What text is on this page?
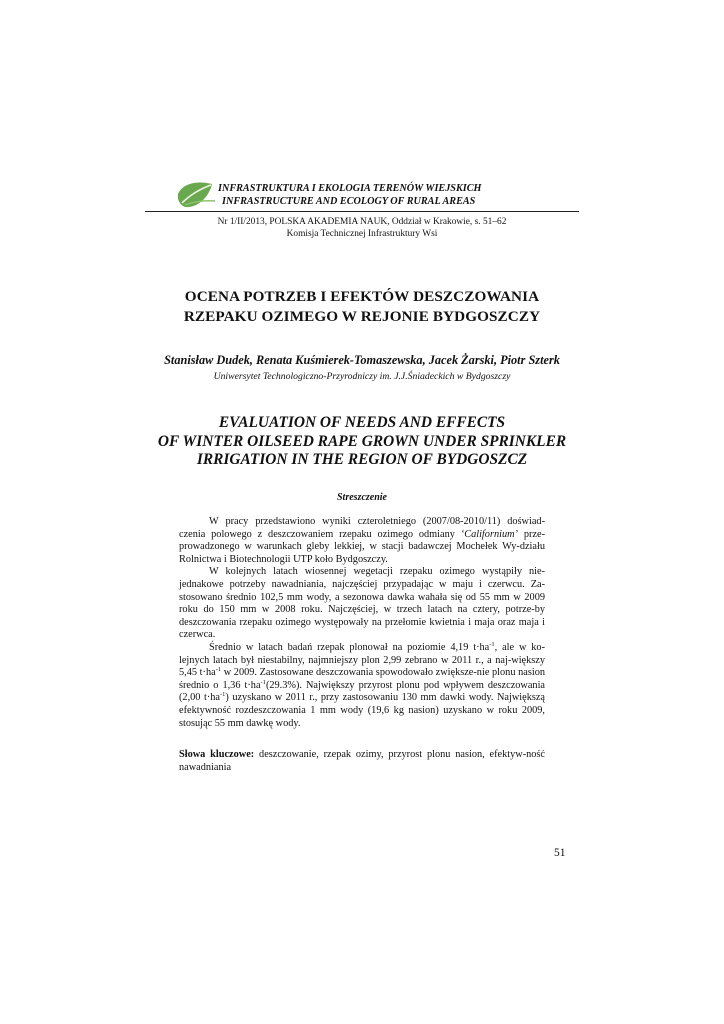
INFRASTRUKTURA I EKOLOGIA TERENÓW WIEJSKICH
INFRASTRUCTURE AND ECOLOGY OF RURAL AREAS
Nr 1/II/2013, POLSKA AKADEMIA NAUK, Oddział w Krakowie, s. 51–62
Komisja Technicznej Infrastruktury Wsi
OCENA POTRZEB I EFEKTÓW DESZCZOWANIA
RZEPAKU OZIMEGO W REJONIE BYDGOSZCZY
Stanisław Dudek, Renata Kuśmierek-Tomaszewska, Jacek Żarski, Piotr Szterk
Uniwersytet Technologiczno-Przyrodniczy im. J.J.Śniadeckich w Bydgoszczy
EVALUATION OF NEEDS AND EFFECTS
OF WINTER OILSEED RAPE GROWN UNDER SPRINKLER
IRRIGATION IN THE REGION OF BYDGOSZCZ
Streszczenie

W pracy przedstawiono wyniki czteroletniego (2007/08-2010/11) doświad-czenia polowego z deszczowaniem rzepaku ozimego odmiany ‘Californium’ prze-prowadzonego w warunkach gleby lekkiej, w stacji badawczej Mochełek Wy-działu Rolnictwa i Biotechnologii UTP koło Bydgoszczy.

W kolejnych latach wiosennej wegetacji rzepaku ozimego wystąpiły nie-jednakowe potrzeby nawadniania, najczęściej przypadając w maju i czerwcu. Za-stosowano średnio 102,5 mm wody, a sezonowa dawka wahała się od 55 mm w 2009 roku do 150 mm w 2008 roku. Najczęściej, w trzech latach na cztery, potrze-by deszczowania rzepaku ozimego występowały na przełomie kwietnia i maja oraz maja i czerwca.

Średnio w latach badań rzepak plonował na poziomie 4,19 $t\cdot ha^{-1}$, ale w ko-lejnych latach był niestabilny, najmniejszy plon 2,99 zebrano w 2011 r., a naj-większy 5,45 $t\cdot ha^{-1}$ w 2009. Zastosowane deszczowania spowodowało zwiększe-nie plonu nasion średnio o 1,36 $t\cdot ha^{-1}(29.3\%)$. Największy przyrost plonu pod wpływem deszczowania (2,00 $t\cdot ha^{-1}$) uzyskano w 2011 r., przy zastosowaniu 130 mm dawki wody. Największą efektywność rozdeszczowania 1 mm wody (19,6 kg nasion) uzyskano w roku 2009, stosując 55 mm dawkę wody.

Słowa kluczowe: deszczowanie, rzepak ozimy, przyrost plonu nasion, efektyw-ność nawadniania
51
